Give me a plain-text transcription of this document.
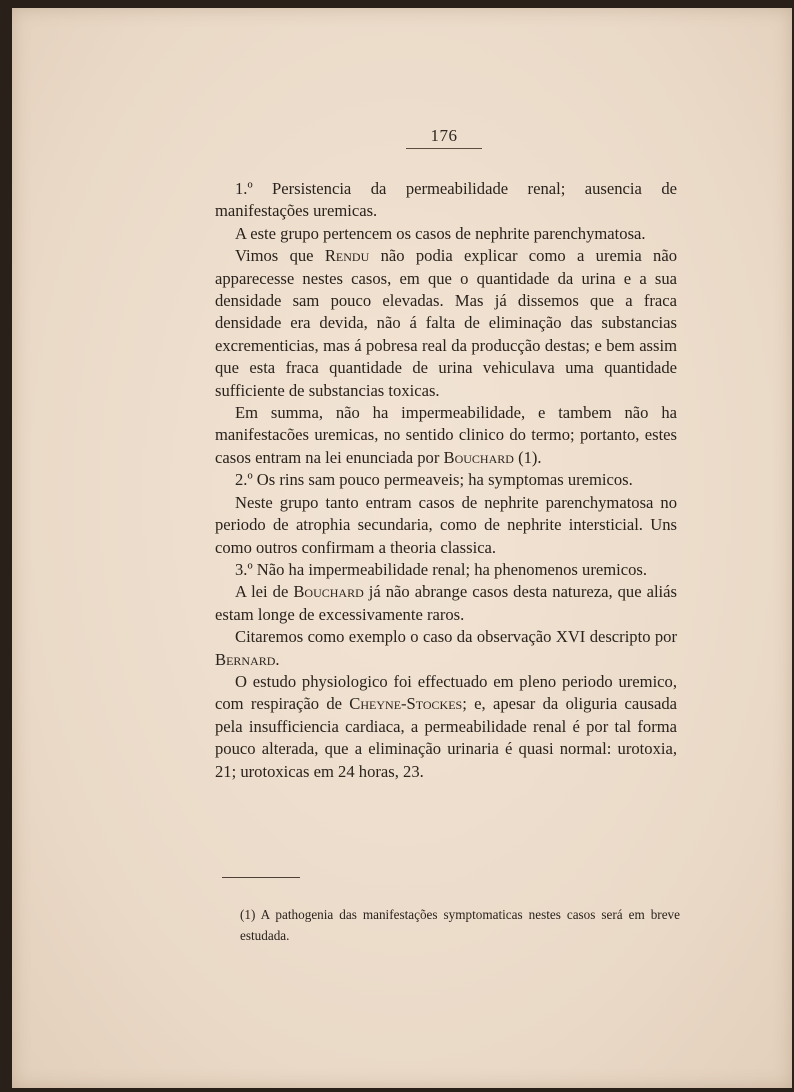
176

1.º Persistencia da permeabilidade renal; ausencia de manifestações uremicas.

A este grupo pertencem os casos de nephrite parenchymatosa.

Vimos que Rendu não podia explicar como a uremia não apparecesse nestes casos, em que o quantidade da urina e a sua densidade sam pouco elevadas. Mas já dissemos que a fraca densidade era devida, não á falta de eliminação das substancias excrementicias, mas á pobresa real da producção destas; e bem assim que esta fraca quantidade de urina vehiculava uma quantidade sufficiente de substancias toxicas.

Em summa, não ha impermeabilidade, e tambem não ha manifestacões uremicas, no sentido clinico do termo; portanto, estes casos entram na lei enunciada por Bouchard (1).

2.º Os rins sam pouco permeaveis; ha symptomas uremicos.

Neste grupo tanto entram casos de nephrite parenchymatosa no periodo de atrophia secundaria, como de nephrite intersticial. Uns como outros confirmam a theoria classica.

3.º Não ha impermeabilidade renal; ha phenomenos uremicos.

A lei de Bouchard já não abrange casos desta natureza, que aliás estam longe de excessivamente raros.

Citaremos como exemplo o caso da observação XVI descripto por Bernard.

O estudo physiologico foi effectuado em pleno periodo uremico, com respiração de Cheyne-Stockes; e, apesar da oliguria causada pela insufficiencia cardiaca, a permeabilidade renal é por tal forma pouco alterada, que a eliminação urinaria é quasi normal: urotoxia, 21; urotoxicas em 24 horas, 23.

(1) A pathogenia das manifestações symptomaticas nestes casos será em breve estudada.
